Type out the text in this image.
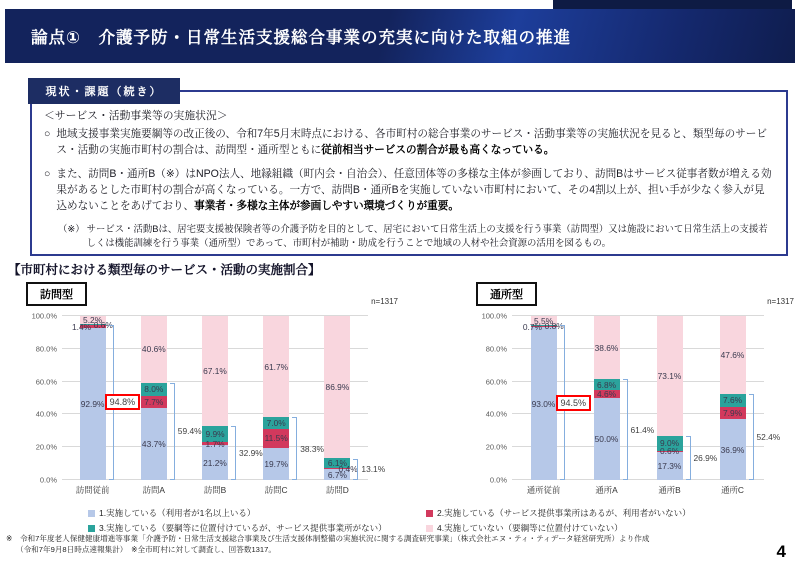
論点①　介護予防・日常生活支援総合事業の充実に向けた取組の推進
現状・課題（続き）

＜サービス・活動事業等の実施状況＞

○ 地域支援事業実施要綱等の改正後の、令和7年5月末時点における、各市町村の総合事業のサービス・活動事業等の実施状況を見ると、類型毎のサービス・活動の実施市町村の割合は、訪問型・通所型ともに従前相当サービスの割合が最も高くなっている。

○ また、訪問B・通所B（※）はNPO法人、地縁組織（町内会・自治会）、任意団体等の多様な主体が参画しており、訪問Bはサービス従事者数が増える効果があるとした市町村の割合が高くなっている。一方で、訪問B・通所Bを実施していない市町村において、その4割以上が、担い手が少なく参入が見込めないことをあげており、事業者・多様な主体が参画しやすい環境づくりが重要。

（※） サービス・活動Bは、居宅要支援被保険者等の介護予防を目的として、居宅において日常生活上の支援を行う事業（訪問型）又は施設において日常生活上の支援若しくは機能訓練を行う事業（通所型）であって、市町村が補助・助成を行うことで地域の人材や社会資源の活用を図るもの。

【市町村における類型毎のサービス・活動の実施割合】
訪問型
n=1317
100.0%
80.0%
60.0%
40.0%
20.0%
0.0%
92.9%
1.4% 0.6%
5.2%
94.8%
43.7%
7.7%
8.0%
40.6%
59.4%
21.2%
1.7%
9.9%
67.1%
32.9%
19.7%
11.5%
7.0%
61.7%
38.3%
6.7%
0.4%
6.1%
86.9%
13.1%
訪問従前	訪問A	訪問B	訪問C	訪問D
通所型
n=1317
100.0%
80.0%
60.0%
40.0%
20.0%
0.0%
93.0%
0.7% 0.8%
5.5%
94.5%
50.0%
4.6%
6.8%
38.6%
61.4%
17.3%
0.6%
9.0%
73.1%
26.9%
36.9%
7.9%
7.6%
47.6%
52.4%
通所従前	通所A	通所B	通所C
1.実施している（利用者が1名以上いる）	2.実施している（サービス提供事業所はあるが、利用者がいない）
3.実施している（要綱等に位置付けているが、サービス提供事業所がない）	4.実施していない（要綱等に位置付けていない）
※　令和7年度老人保健健康増進等事業「介護予防・日常生活支援総合事業及び生活支援体制整備の実施状況に関する調査研究事業」（株式会社エヌ・ティ・ティデータ経営研究所）より作成
（令和7年9月8日時点速報集計）　※全市町村に対して調査し、回答数1317。	4
